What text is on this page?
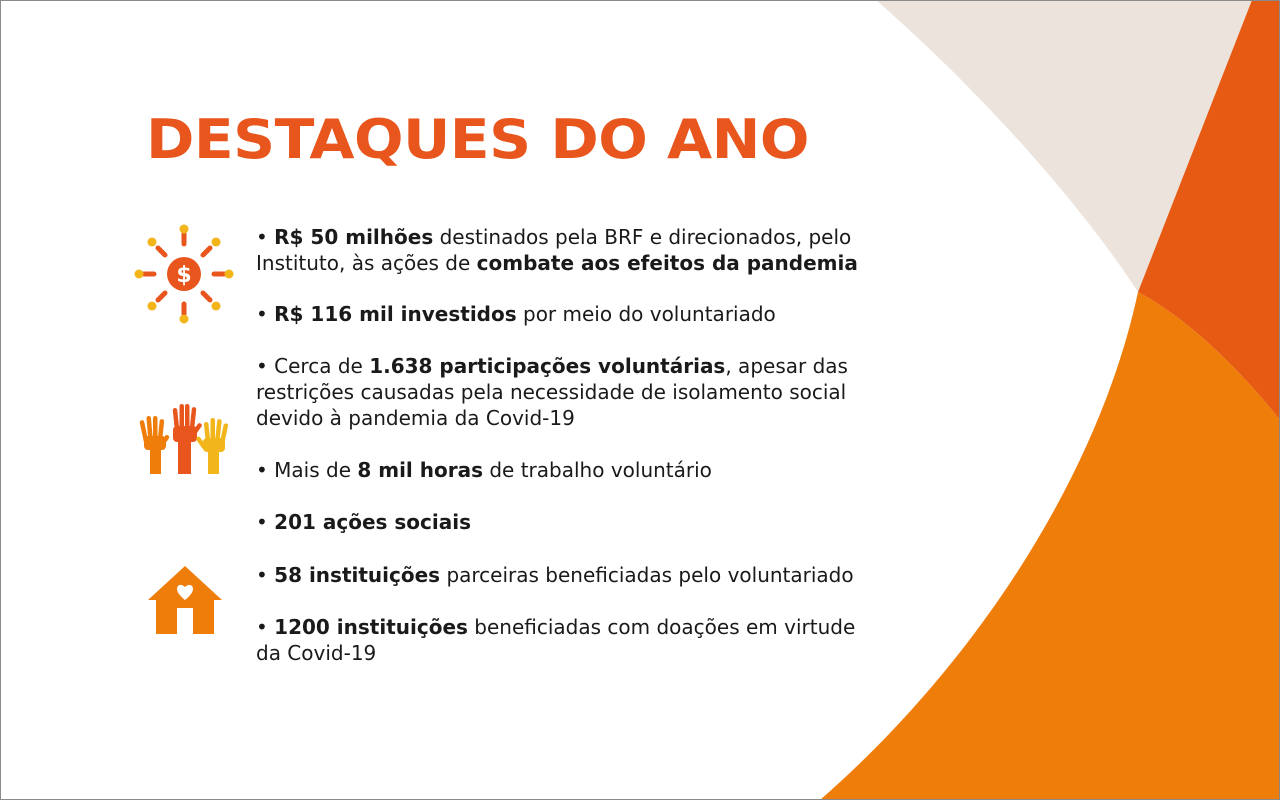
DESTAQUES DO ANO
$
• R$ 50 milhões destinados pela BRF e direcionados, pelo Instituto, às ações de combate aos efeitos da pandemia
• R$ 116 mil investidos por meio do voluntariado
• Cerca de 1.638 participações voluntárias, apesar das restrições causadas pela necessidade de isolamento social devido à pandemia da Covid-19
• Mais de 8 mil horas de trabalho voluntário
• 201 ações sociais
• 58 instituições parceiras beneficiadas pelo voluntariado
• 1200 instituições beneficiadas com doações em virtude da Covid-19
